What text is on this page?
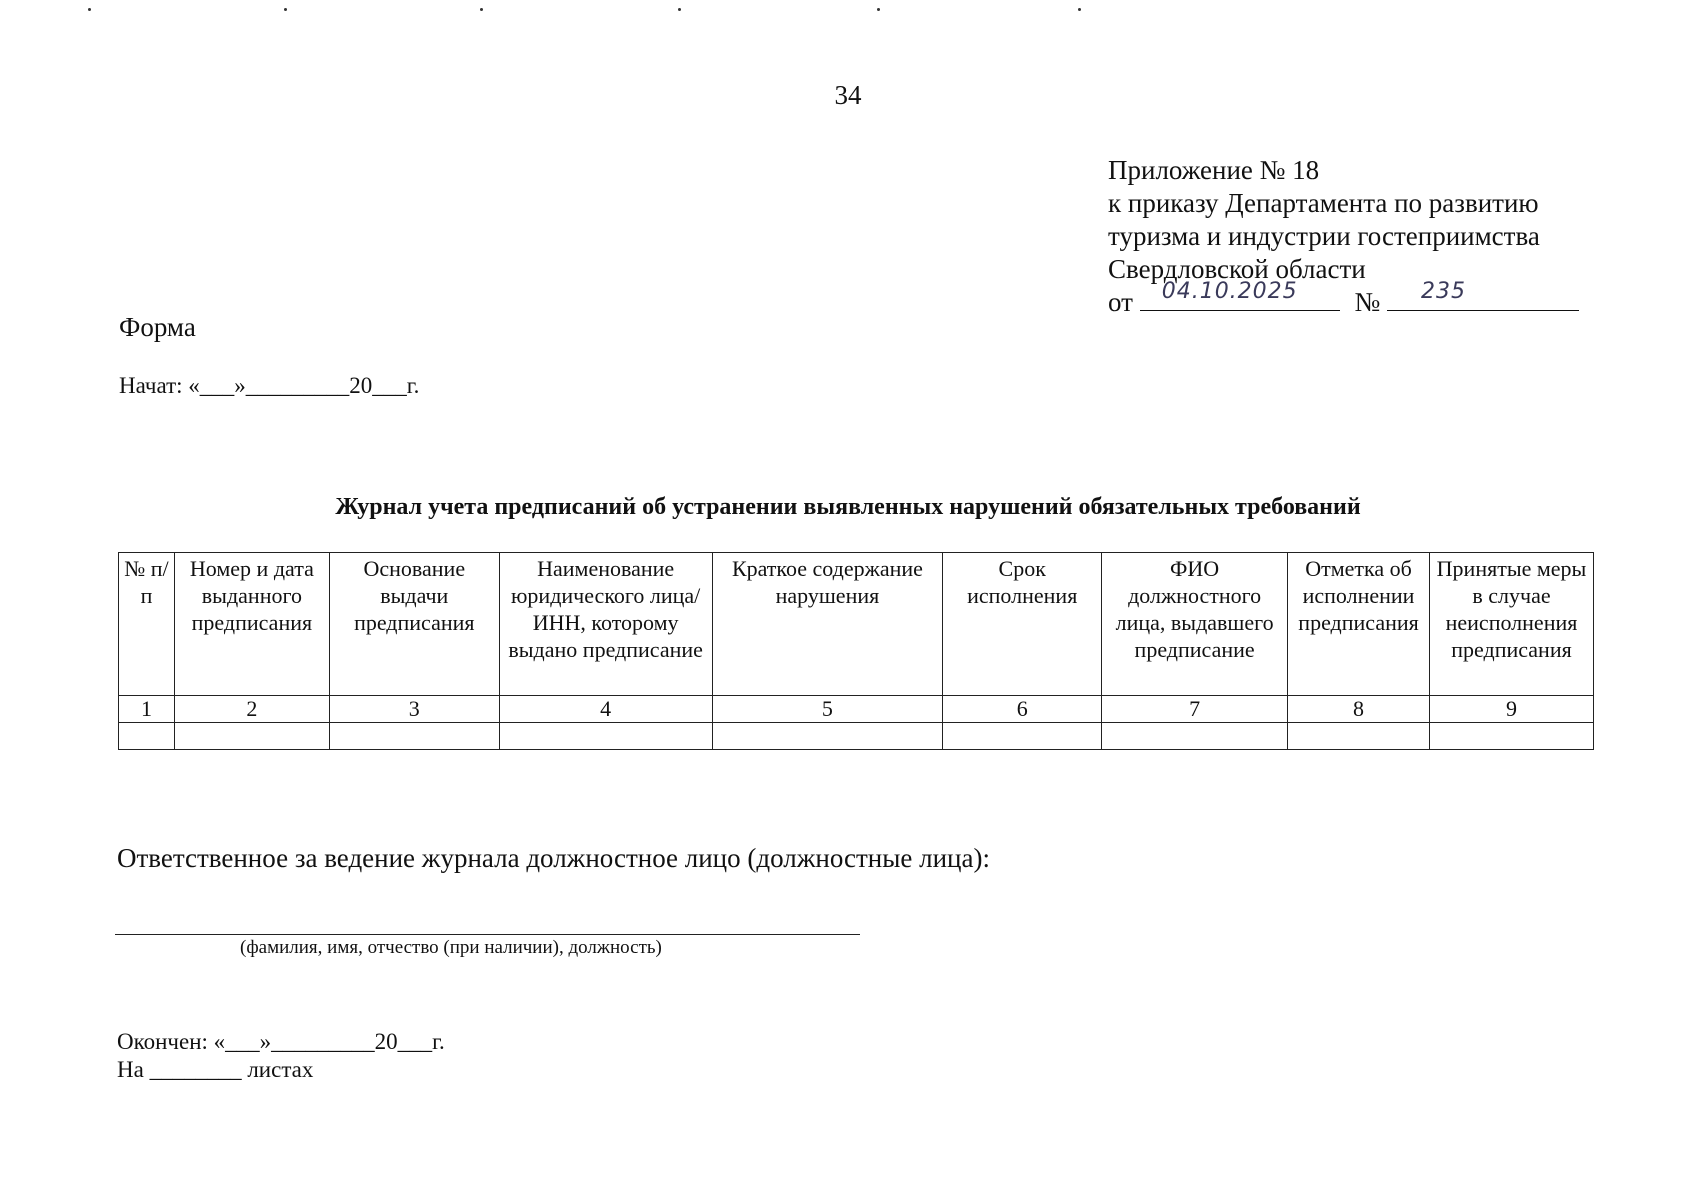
34
Приложение № 18
к приказу Департамента по развитию
туризма и индустрии гостеприимства
Свердловской области
от 04.10.2025 № 235
Форма
Начат: «___»_________20___г.
Журнал учета предписаний об устранении выявленных нарушений обязательных требований
№ п/п	Номер и дата выданного предписания	Основание выдачи предписания	Наименование юридического лица/ИНН, которому выдано предписание	Краткое содержание нарушения	Срок исполнения	ФИО должностного лица, выдавшего предписание	Отметка об исполнении предписания	Принятые меры в случае неисполнения предписания
1	2	3	4	5	6	7	8	9

Ответственное за ведение журнала должностное лицо (должностные лица):
(фамилия, имя, отчество (при наличии), должность)
Окончен: «___»_________20___г.
На ________ листах
